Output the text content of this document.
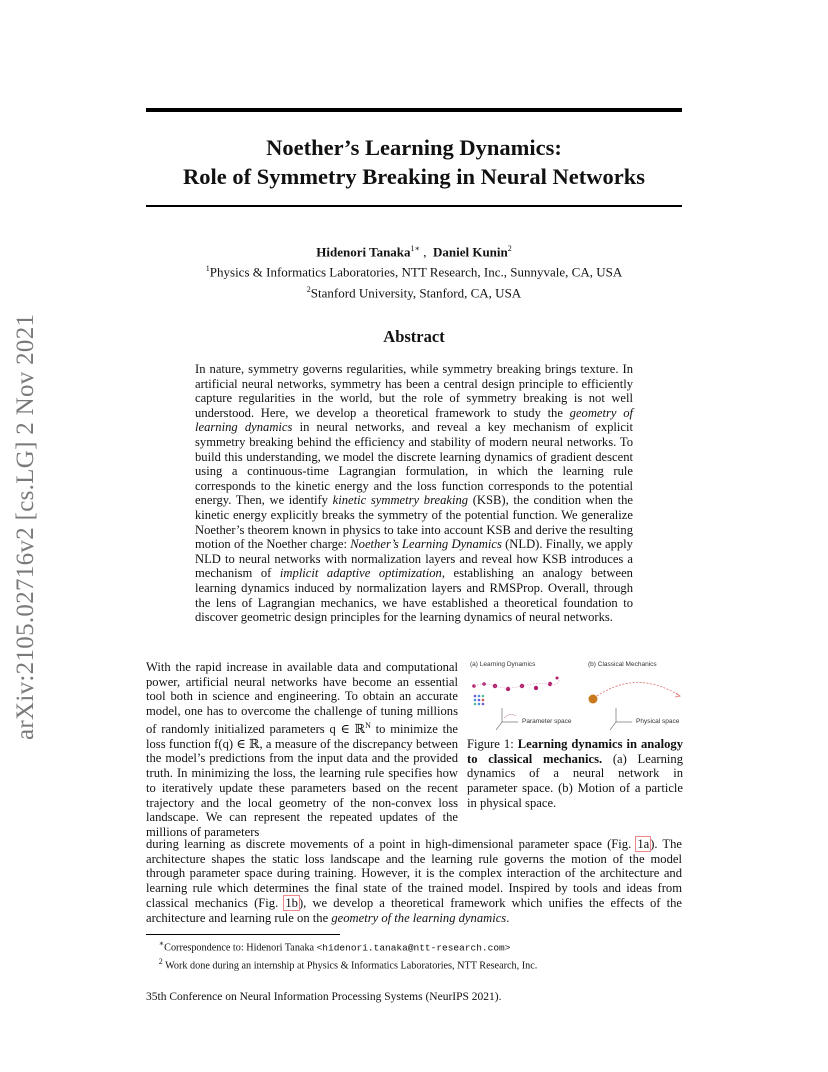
arXiv:2105.02716v2 [cs.LG] 2 Nov 2021
Noether’s Learning Dynamics:
Role of Symmetry Breaking in Neural Networks
Hidenori Tanaka$^{1∗}$ , Daniel Kunin$^2$
$^1$Physics & Informatics Laboratories, NTT Research, Inc., Sunnyvale, CA, USA
$^2$Stanford University, Stanford, CA, USA
Abstract
In nature, symmetry governs regularities, while symmetry breaking brings texture. In artificial neural networks, symmetry has been a central design principle to efficiently capture regularities in the world, but the role of symmetry breaking is not well understood. Here, we develop a theoretical framework to study the geometry of learning dynamics in neural networks, and reveal a key mechanism of explicit symmetry breaking behind the efficiency and stability of modern neural networks. To build this understanding, we model the discrete learning dynamics of gradient descent using a continuous-time Lagrangian formulation, in which the learning rule corresponds to the kinetic energy and the loss function corresponds to the potential energy. Then, we identify kinetic symmetry breaking (KSB), the condition when the kinetic energy explicitly breaks the symmetry of the potential function. We generalize Noether’s theorem known in physics to take into account KSB and derive the resulting motion of the Noether charge: Noether’s Learning Dynamics (NLD). Finally, we apply NLD to neural networks with normalization layers and reveal how KSB introduces a mechanism of implicit adaptive optimization, establishing an analogy between learning dynamics induced by normalization layers and RMSProp. Overall, through the lens of Lagrangian mechanics, we have established a theoretical foundation to discover geometric design principles for the learning dynamics of neural networks.
With the rapid increase in available data and computational power, artificial neural networks have become an essential tool both in science and engineering. To obtain an accurate model, one has to overcome the challenge of tuning millions of randomly initialized parameters q ∈ ℝ$^N$ to minimize the loss function f(q) ∈ ℝ, a measure of the discrepancy between the model’s predictions from the input data and the provided truth. In minimizing the loss, the learning rule specifies how to iteratively update these parameters based on the recent trajectory and the local geometry of the non-convex loss landscape. We can represent the repeated updates of the millions of parameters
(a) Learning Dynamics	(b) Classical Mechanics
Parameter space	Physical space
Figure 1: Learning dynamics in analogy to classical mechanics. (a) Learning dynamics of a neural network in parameter space. (b) Motion of a particle in physical space.
during learning as discrete movements of a point in high-dimensional parameter space (Fig. 1a). The architecture shapes the static loss landscape and the learning rule governs the motion of the model through parameter space during training. However, it is the complex interaction of the architecture and learning rule which determines the final state of the trained model. Inspired by tools and ideas from classical mechanics (Fig. 1b), we develop a theoretical framework which unifies the effects of the architecture and learning rule on the geometry of the learning dynamics.
∗Correspondence to: Hidenori Tanaka <hidenori.tanaka@ntt-research.com>
$^2$ Work done during an internship at Physics & Informatics Laboratories, NTT Research, Inc.
35th Conference on Neural Information Processing Systems (NeurIPS 2021).
